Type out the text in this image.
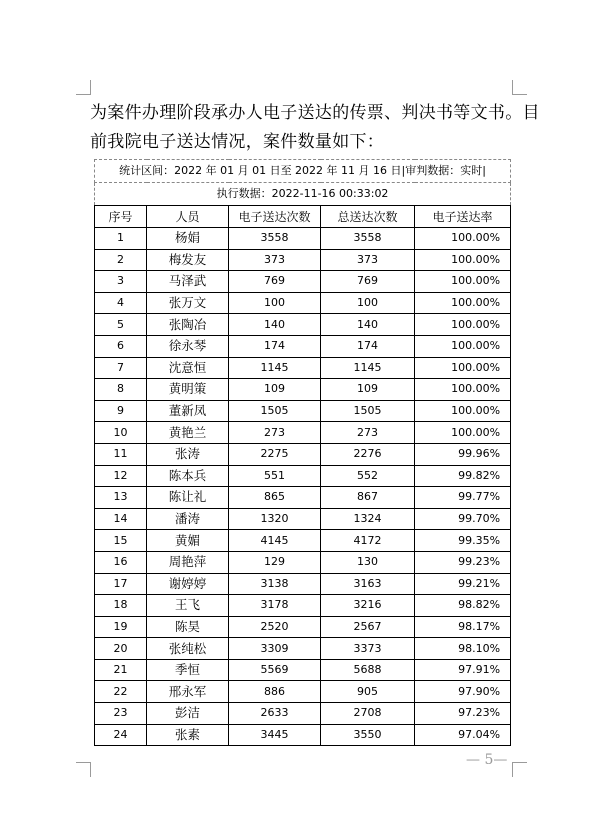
为案件办理阶段承办人电子送达的传票、判决书等文书。目
前我院电子送达情况，案件数量如下：
统计区间：2022 年 01 月 01 日至 2022 年 11 月 16 日|审判数据：实时|				
执行数据：2022-11-16 00:33:02				
序号	人员	电子送达次数	总送达次数	电子送达率
1	杨娟	3558	3558	100.00%
2	梅发友	373	373	100.00%
3	马泽武	769	769	100.00%
4	张万文	100	100	100.00%
5	张陶冶	140	140	100.00%
6	徐永琴	174	174	100.00%
7	沈意恒	1145	1145	100.00%
8	黄明策	109	109	100.00%
9	董新凤	1505	1505	100.00%
10	黄艳兰	273	273	100.00%
11	张涛	2275	2276	99.96%
12	陈本兵	551	552	99.82%
13	陈让礼	865	867	99.77%
14	潘涛	1320	1324	99.70%
15	黄媚	4145	4172	99.35%
16	周艳萍	129	130	99.23%
17	谢婷婷	3138	3163	99.21%
18	王飞	3178	3216	98.82%
19	陈昊	2520	2567	98.17%
20	张纯松	3309	3373	98.10%
21	季恒	5569	5688	97.91%
22	邢永军	886	905	97.90%
23	彭洁	2633	2708	97.23%
24	张素	3445	3550	97.04%
— 5—
